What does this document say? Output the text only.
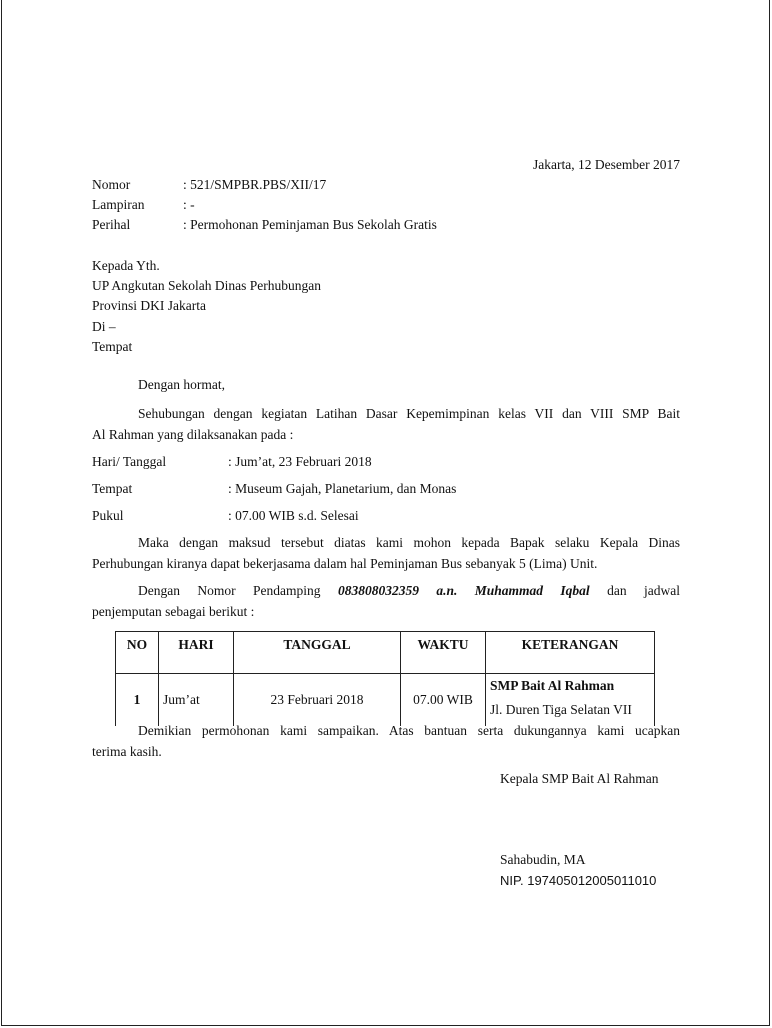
Jakarta, 12 Desember 2017
Nomor	: 521/SMPBR.PBS/XII/17
Lampiran	: -
Perihal	: Permohonan Peminjaman Bus Sekolah Gratis
Kepada Yth.
UP Angkutan Sekolah Dinas Perhubungan
Provinsi DKI Jakarta
Di –
Tempat
Dengan hormat,
Sehubungan dengan kegiatan Latihan Dasar Kepemimpinan kelas VII dan VIII SMP Bait
Al Rahman yang dilaksanakan pada :
Hari/ Tanggal	: Jum’at, 23 Februari 2018
Tempat	: Museum Gajah, Planetarium, dan Monas
Pukul	: 07.00 WIB s.d. Selesai
Maka dengan maksud tersebut diatas kami mohon kepada Bapak selaku Kepala Dinas
Perhubungan kiranya dapat bekerjasama dalam hal Peminjaman Bus sebanyak 5 (Lima) Unit.
Dengan Nomor Pendamping 083808032359 a.n. Muhammad Iqbal dan jadwal
penjemputan sebagai berikut :
NO	HARI	TANGGAL	WAKTU	KETERANGAN
1	Jum’at	23 Februari 2018	07.00 WIB	SMP Bait Al Rahman
Jl. Duren Tiga Selatan VII
Demikian permohonan kami sampaikan. Atas bantuan serta dukungannya kami ucapkan
terima kasih.
Kepala SMP Bait Al Rahman
Sahabudin, MA
NIP. 197405012005011010
